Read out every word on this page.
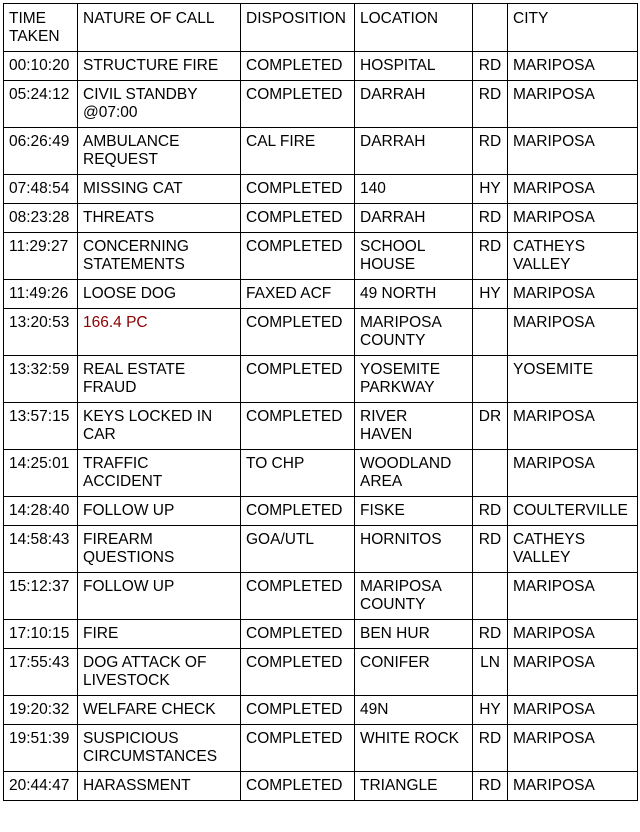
TIME
TAKEN	NATURE OF CALL	DISPOSITION	LOCATION		CITY
00:10:20	STRUCTURE FIRE	COMPLETED	HOSPITAL	RD	MARIPOSA
05:24:12	CIVIL STANDBY
@07:00	COMPLETED	DARRAH	RD	MARIPOSA
06:26:49	AMBULANCE
REQUEST	CAL FIRE	DARRAH	RD	MARIPOSA
07:48:54	MISSING CAT	COMPLETED	140	HY	MARIPOSA
08:23:28	THREATS	COMPLETED	DARRAH	RD	MARIPOSA
11:29:27	CONCERNING
STATEMENTS	COMPLETED	SCHOOL
HOUSE	RD	CATHEYS
VALLEY
11:49:26	LOOSE DOG	FAXED ACF	49 NORTH	HY	MARIPOSA
13:20:53	166.4 PC	COMPLETED	MARIPOSA
COUNTY		MARIPOSA
13:32:59	REAL ESTATE
FRAUD	COMPLETED	YOSEMITE
PARKWAY		YOSEMITE
13:57:15	KEYS LOCKED IN
CAR	COMPLETED	RIVER
HAVEN	DR	MARIPOSA
14:25:01	TRAFFIC
ACCIDENT	TO CHP	WOODLAND
AREA		MARIPOSA
14:28:40	FOLLOW UP	COMPLETED	FISKE	RD	COULTERVILLE
14:58:43	FIREARM
QUESTIONS	GOA/UTL	HORNITOS	RD	CATHEYS
VALLEY
15:12:37	FOLLOW UP	COMPLETED	MARIPOSA
COUNTY		MARIPOSA
17:10:15	FIRE	COMPLETED	BEN HUR	RD	MARIPOSA
17:55:43	DOG ATTACK OF
LIVESTOCK	COMPLETED	CONIFER	LN	MARIPOSA
19:20:32	WELFARE CHECK	COMPLETED	49N	HY	MARIPOSA
19:51:39	SUSPICIOUS
CIRCUMSTANCES	COMPLETED	WHITE ROCK	RD	MARIPOSA
20:44:47	HARASSMENT	COMPLETED	TRIANGLE	RD	MARIPOSA
